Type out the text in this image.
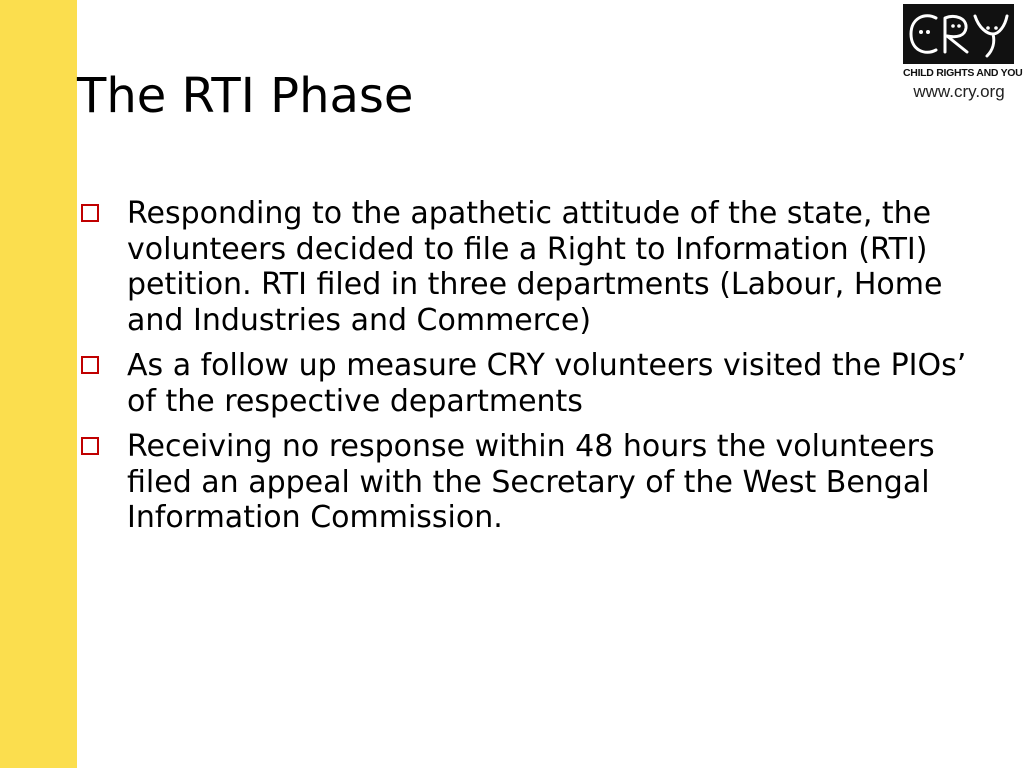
The RTI Phase	CHILD RIGHTS AND YOU
www.cry.org
Responding to the apathetic attitude of the state, the volunteers decided to file a Right to Information (RTI) petition. RTI filed in three departments (Labour, Home and Industries and Commerce)
As a follow up measure CRY volunteers visited the PIOs’ of the respective departments
Receiving no response within 48 hours the volunteers filed an appeal with the Secretary of the West Bengal Information Commission.
